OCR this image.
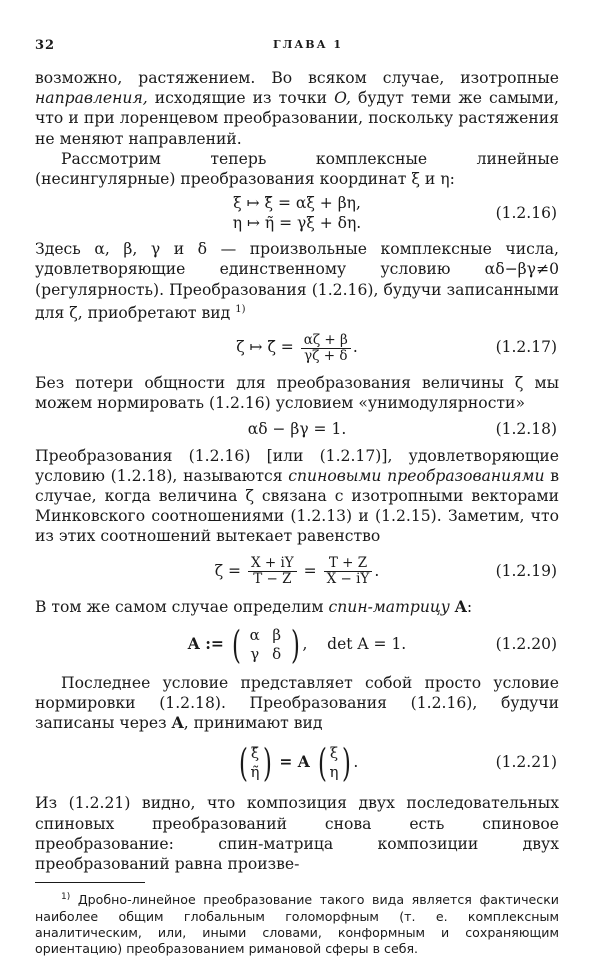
32	ГЛАВА 1

возможно, растяжением. Во всяком случае, изотропные направления, исходящие из точки O, будут теми же самыми, что и при лоренцевом преобразовании, поскольку растяжения не меняют направлений.

Рассмотрим теперь комплексные линейные (несингулярные) преобразования координат ξ и η:

ξ ↦ ξ̃ = αξ + βη,
η ↦ η̃ = γξ + δη.
(1.2.16)

Здесь α, β, γ и δ — произвольные комплексные числа, удовлетворяющие единственному условию αδ−βγ≠0 (регулярность). Преобразования (1.2.16), будучи записанными для ζ, приобретают вид $^{1)}$

ζ ↦ ζ̃ = $\frac{\alpha\zeta + \beta}{\gamma\zeta + \delta}$ .	(1.2.17)

Без потери общности для преобразования величины ζ мы можем нормировать (1.2.16) условием «унимодулярности»

αδ − βγ = 1.	(1.2.18)

Преобразования (1.2.16) [или (1.2.17)], удовлетворяющие условию (1.2.18), называются спиновыми преобразованиями в случае, когда величина ζ связана с изотропными векторами Минковского соотношениями (1.2.13) и (1.2.15). Заметим, что из этих соотношений вытекает равенство

$\zeta = \frac{X + iY}{T - Z} = \frac{T + Z}{X - iY}$ .	(1.2.19)

В том же самом случае определим спин-матрицу A:

A := ( α β
γ δ ) , det A = 1.	(1.2.20)

Последнее условие представляет собой просто условие нормировки (1.2.18). Преобразования (1.2.16), будучи записаны через A, принимают вид

( ξ̃
η̃ ) = A ( ξ
η ) .	(1.2.21)

Из (1.2.21) видно, что композиция двух последовательных спиновых преобразований снова есть спиновое преобразование: спин-матрица композиции двух преобразований равна произве-

$^{1)}$ Дробно-линейное преобразование такого вида является фактически наиболее общим глобальным голоморфным (т. е. комплексным аналитическим, или, иными словами, конформным и сохраняющим ориентацию) преобразованием римановой сферы в себя.
